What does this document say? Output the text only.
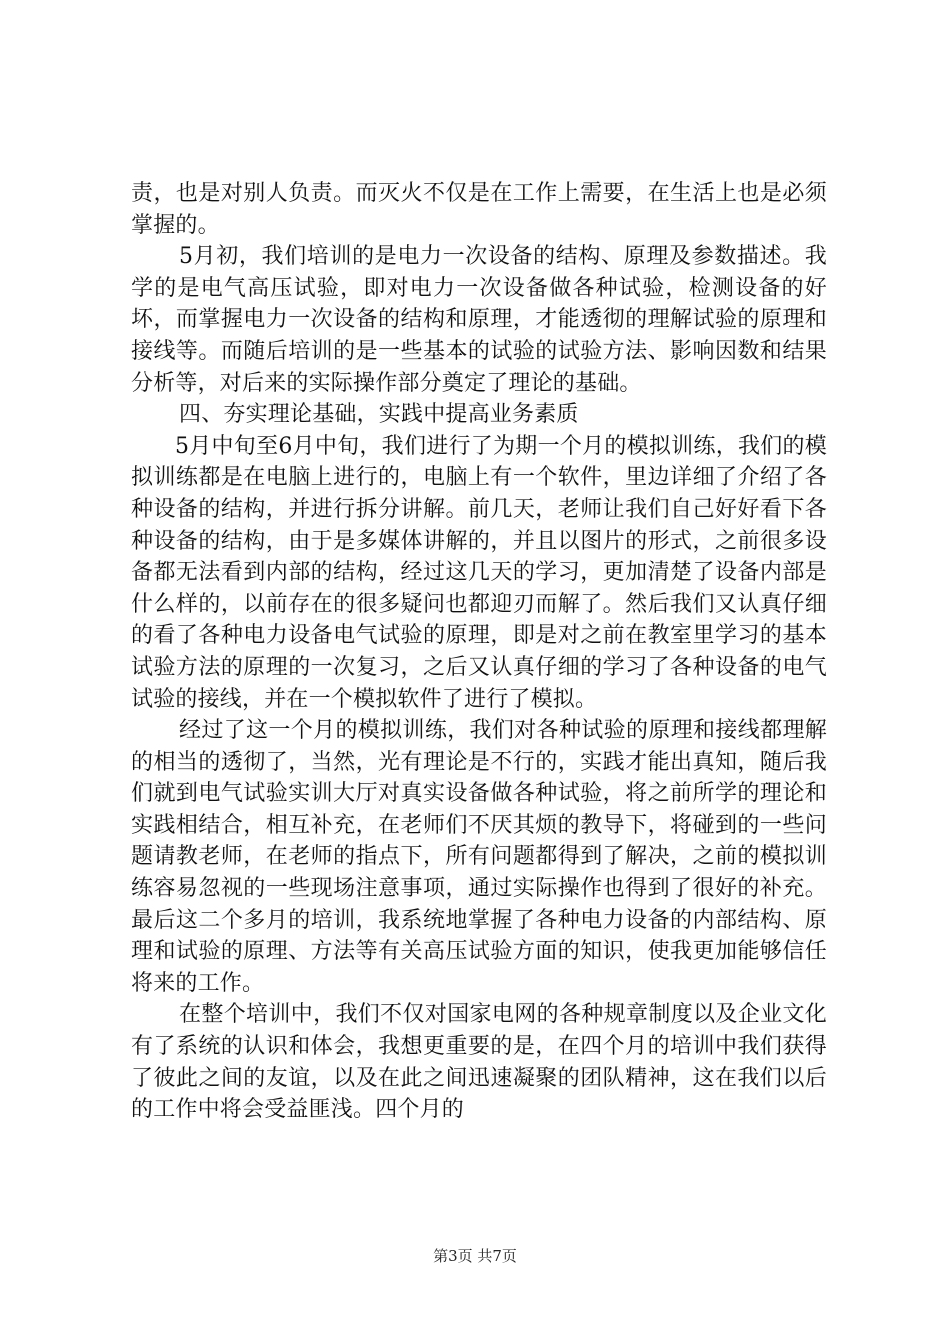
责，也是对别人负责。而灭火不仅是在工作上需要，在生活上也是必须掌握的。

5月初，我们培训的是电力一次设备的结构、原理及参数描述。我学的是电气高压试验，即对电力一次设备做各种试验，检测设备的好坏，而掌握电力一次设备的结构和原理，才能透彻的理解试验的原理和接线等。而随后培训的是一些基本的试验的试验方法、影响因数和结果分析等，对后来的实际操作部分奠定了理论的基础。

四、夯实理论基础，实践中提高业务素质

5月中旬至6月中旬，我们进行了为期一个月的模拟训练，我们的模拟训练都是在电脑上进行的，电脑上有一个软件，里边详细了介绍了各种设备的结构，并进行拆分讲解。前几天，老师让我们自己好好看下各种设备的结构，由于是多媒体讲解的，并且以图片的形式，之前很多设备都无法看到内部的结构，经过这几天的学习，更加清楚了设备内部是什么样的，以前存在的很多疑问也都迎刃而解了。然后我们又认真仔细的看了各种电力设备电气试验的原理，即是对之前在教室里学习的基本试验方法的原理的一次复习，之后又认真仔细的学习了各种设备的电气试验的接线，并在一个模拟软件了进行了模拟。

经过了这一个月的模拟训练，我们对各种试验的原理和接线都理解的相当的透彻了，当然，光有理论是不行的，实践才能出真知，随后我们就到电气试验实训大厅对真实设备做各种试验，将之前所学的理论和实践相结合，相互补充，在老师们不厌其烦的教导下，将碰到的一些问题请教老师，在老师的指点下，所有问题都得到了解决，之前的模拟训练容易忽视的一些现场注意事项，通过实际操作也得到了很好的补充。最后这二个多月的培训，我系统地掌握了各种电力设备的内部结构、原理和试验的原理、方法等有关高压试验方面的知识，使我更加能够信任将来的工作。

在整个培训中，我们不仅对国家电网的各种规章制度以及企业文化有了系统的认识和体会，我想更重要的是，在四个月的培训中我们获得了彼此之间的友谊，以及在此之间迅速凝聚的团队精神，这在我们以后的工作中将会受益匪浅。四个月的

第3页 共7页
